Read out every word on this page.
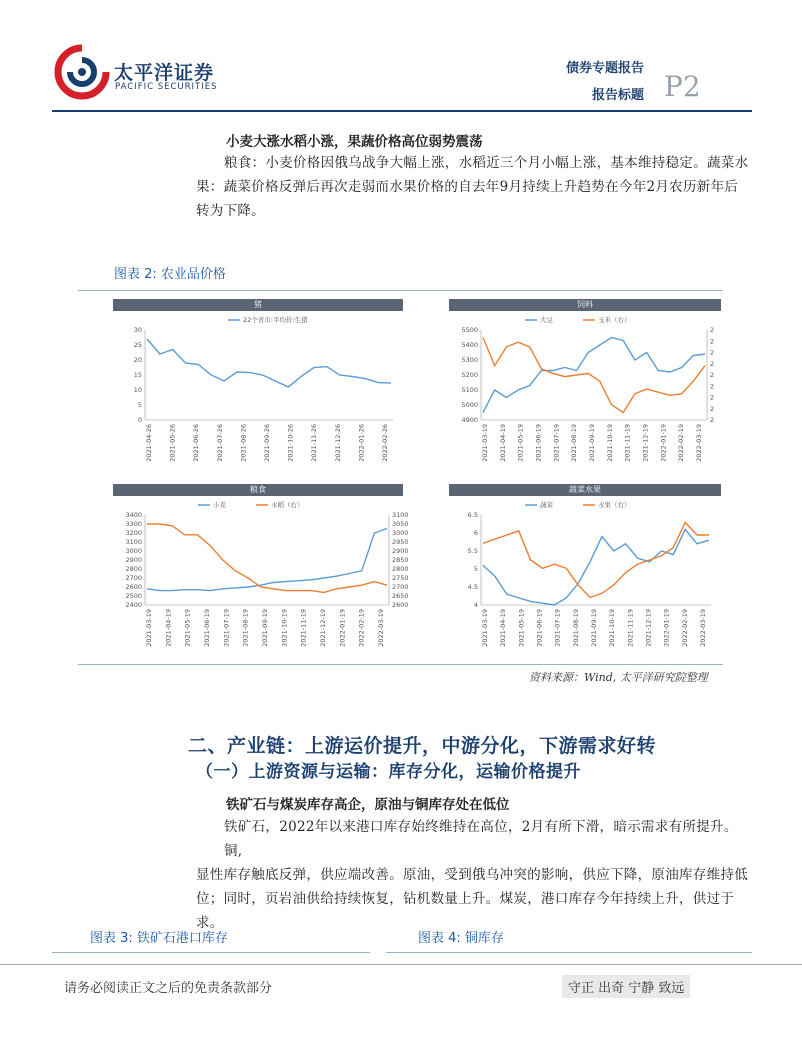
太平洋证券
PACIFIC SECURITIES
债券专题报告
报告标题 P2
小麦大涨水稻小涨，果蔬价格高位弱势震荡
粮食：小麦价格因俄乌战争大幅上涨，水稻近三个月小幅上涨，基本维持稳定。蔬菜水
果：蔬菜价格反弹后再次走弱而水果价格的自去年9月持续上升趋势在今年2月农历新年后
转为下降。
图表 2: 农业品价格
猪
22个省市:平均价:生猪
0
5
10
15
20
25
30
2021-04-26 2021-05-26 2021-06-26 2021-07-26 2021-08-26 2021-09-26 2021-10-26 2021-11-26 2021-12-26 2022-01-26 2022-02-26
饲料
大豆	玉米（右）
4900
5000
5100
5200
5300
5400
5500
2
2
2
2
2
2
2
2
2
2021-03-19 2021-04-19 2021-05-19 2021-06-19 2021-07-19 2021-08-19 2021-09-19 2021-10-19 2021-11-19 2021-12-19 2022-01-19 2022-02-19 2022-03-19
粮食
小麦	水稻（右）
2400
2500
2600
2700
2800
2900
3000
3100
3200
3300
3400
2600
2650
2700
2750
2800
2850
2900
2950
3000
3050
3100
2021-03-19 2021-04-19 2021-05-19 2021-06-19 2021-07-19 2021-08-19 2021-09-19 2021-10-19 2021-11-19 2021-12-19 2022-01-19 2022-02-19 2022-03-19
蔬菜水果
蔬菜	水果（右）
4
4.5
5
5.5
6
6.5
2021-03-19 2021-04-19 2021-05-19 2021-06-19 2021-07-19 2021-08-19 2021-09-19 2021-10-19 2021-11-19 2021-12-19 2022-01-19 2022-02-19 2022-03-19
资料来源：Wind, 太平洋研究院整理
二、产业链：上游运价提升，中游分化，下游需求好转
（一）上游资源与运输：库存分化，运输价格提升
铁矿石与煤炭库存高企，原油与铜库存处在低位
铁矿石，2022年以来港口库存始终维持在高位，2月有所下滑，暗示需求有所提升。铜,
显性库存触底反弹，供应端改善。原油，受到俄乌冲突的影响，供应下降，原油库存维持低
位；同时，页岩油供给持续恢复，钻机数量上升。煤炭，港口库存今年持续上升，供过于求。
图表 3: 铁矿石港口库存	图表 4: 铜库存
请务必阅读正文之后的免责条款部分	守正 出奇 宁静 致远
